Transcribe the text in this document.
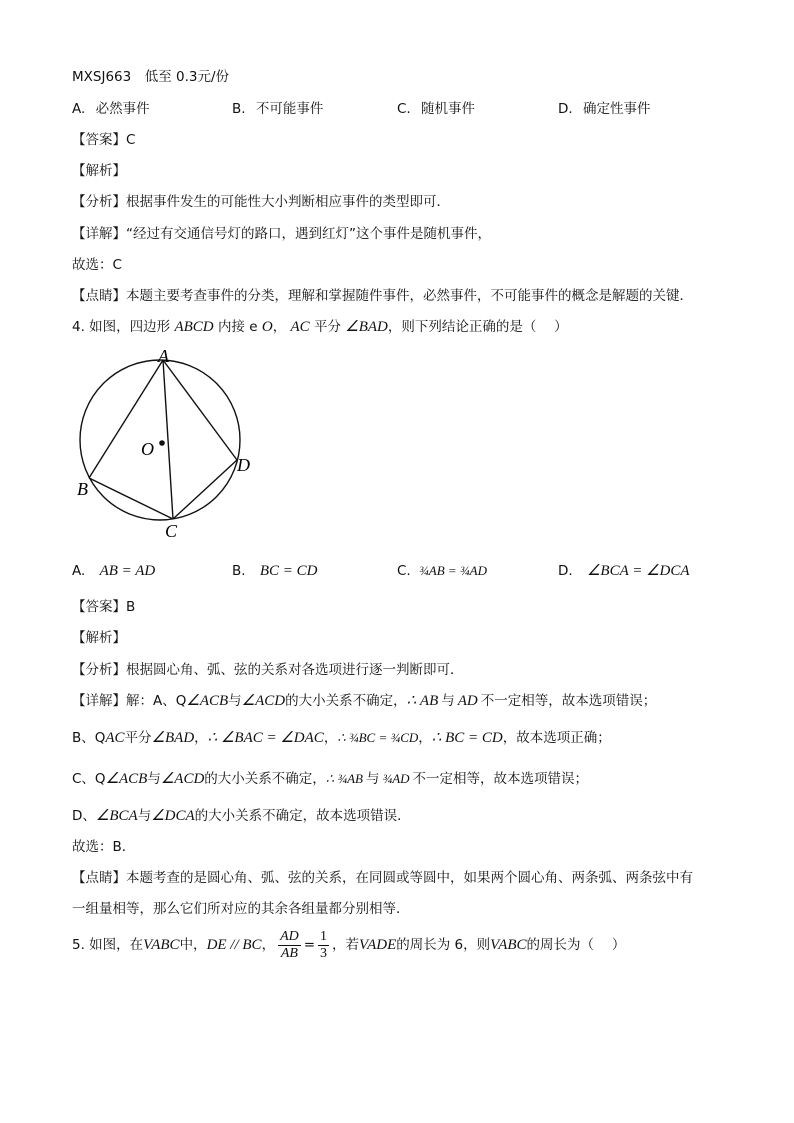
MXSJ663　低至 0.3元/份
A. 必然事件	B. 不可能事件	C. 随机事件	D. 确定性事件
【答案】C
【解析】
【分析】根据事件发生的可能性大小判断相应事件的类型即可．
【详解】“经过有交通信号灯的路口，遇到红灯”这个事件是随机事件，
故选：C
【点睛】本题主要考查事件的分类，理解和掌握随件事件，必然事件，不可能事件的概念是解题的关键．
4. 如图，四边形 ABCD 内接 e O， AC 平分 ∠BAD，则下列结论正确的是（　 ）
A
O
D
B
C
A. AB = AD	B. BC = CD	C. ¾AB = ¾AD	D. ∠BCA = ∠DCA
【答案】B
【解析】
【分析】根据圆心角、弧、弦的关系对各选项进行逐一判断即可．
【详解】解：A、Q∠ACB与∠ACD的大小关系不确定，∴ AB 与 AD 不一定相等，故本选项错误；
B、QAC平分∠BAD，∴ ∠BAC = ∠DAC，∴ ¾BC = ¾CD，∴ BC = CD，故本选项正确；
C、Q∠ACB与∠ACD的大小关系不确定，∴ ¾AB 与 ¾AD 不一定相等，故本选项错误；
D、∠BCA与∠DCA的大小关系不确定，故本选项错误．
故选：B．
【点睛】本题考查的是圆心角、弧、弦的关系，在同圆或等圆中，如果两个圆心角、两条弧、两条弦中有
一组量相等，那么它们所对应的其余各组量都分别相等．
5. 如图，在VABC中，DE // BC， $\frac{AD}{AB} = \frac{1}{3}$ ，若VADE的周长为 6，则VABC的周长为（　 ）
